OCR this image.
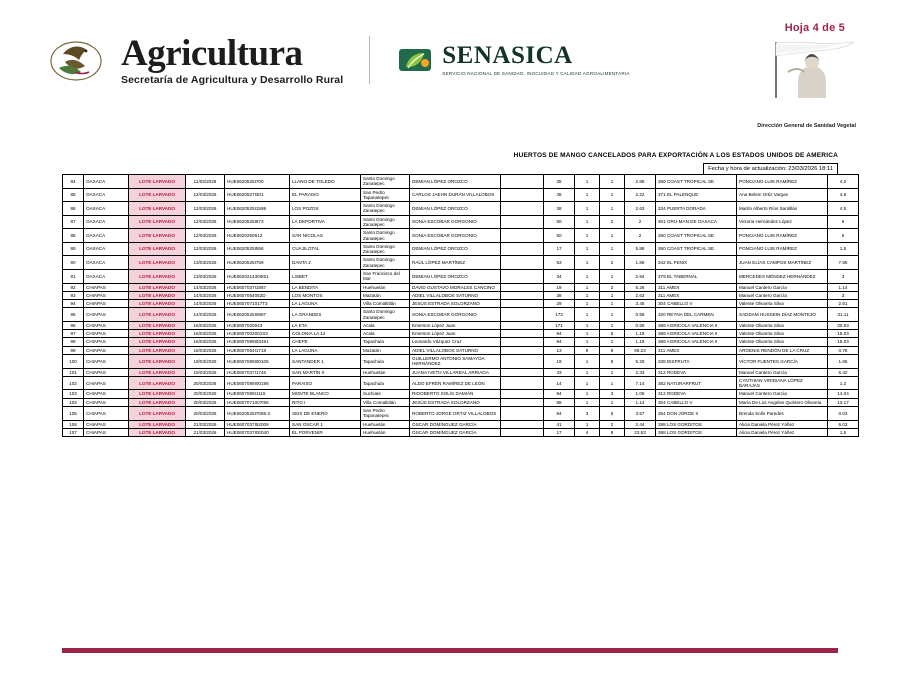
Hoja 4 de 5
Agricultura
Secretaría de Agricultura y Desarrollo Rural
SENASICA
SERVICIO NACIONAL DE SANIDAD, INOCUIDAD Y CALIDAD AGROALIMENTARIA
Dirección General de Sanidad Vegetal
HUERTOS DE MANGO CANCELADOS PARA EXPORTACIÓN A LOS ESTADOS UNIDOS DE AMERICA
Fecha y hora de actualización: 23/03/2026 18:11
84	OAXACA	LOTE LARVADO	11/03/2026	HUE0620525I700	LLANO DE TOLEDO	Santo Domingo Zanatepec	DEMIAN LÓPEZ OROZCO		35	1	1	2.86	360 COAST TROPICAL SE	PONCIANO LUIS RAMÍREZ	4.2
85	OAXACA	LOTE LARVADO	12/03/2026	HUE0620527I301	EL PARAISO	San Pedro Tapanatepec	CARLOS JAEHN DURÁN VILLALOBOS		45	1	1	2.22	371 EL PALENQUE	Ana Belem Ortiz Vargas	4.8
86	OAXACA	LOTE LARVADO	12/03/2026	HUE0620525I1599	LOS POZOS	Santo Domingo Zanatepec	DEMIAN LÓPEZ OROZCO		38	1	1	2.63	334 PUERTA DORADA	Martín Alberto Ríos Santillán	4.5
87	OAXACA	LOTE LARVADO	12/03/2026	HUE0620525I673	LA DEPORTIVA	Santo Domingo Zanatepec	SONIA ESCOBAR GORGONIO		50	1	2	2	301 GRU-MAN DE OAXACA	Victoria Hernández López	6
88	OAXACA	LOTE LARVADO	12/03/2026	HUE0620250612	SAN NICOLAS	Santo Domingo Zanatepec	SONIA ESCOBAR GORGONIO		50	1	1	2	360 COAST TROPICAL SE	PONCIANO LUIS RAMÍREZ	6
89	OAXACA	LOTE LARVADO	12/03/2026	HUE0620525I556	CUAJILOTAL	Santo Domingo Zanatepec	DEMIAN LÓPEZ OROZCO		17	1	1	5.88	360 COAST TROPICAL SE	PONCIANO LUIS RAMÍREZ	1.5
90	OAXACA	LOTE LARVADO	13/03/2026	HUE0620525I759	DANTA 2	Santo Domingo Zanatepec	RAÚL LÓPEZ MARTÍNEZ		53	1	2	1.89	342 EL FENIX	JUAN ELÍAS CAMPOS MARTÍNEZ	7.95
91	OAXACA	LOTE LARVADO	13/03/2026	HUE0620214300I61	LISBET	San Francisco del Mar	DEMIAN LÓPEZ OROZCO		34	1	1	2.94	379 EL TABERNAL	MERCEDES MÉNDEZ HERNÁNDEZ	3
92	CHIAPAS	LOTE LARVADO	14/03/2026	HUE0607037I1887	LA BENDITA	Huehuetán	DAVID GUSTAVO MORALES CANCINO		19	1	2	5.26	311 AMEX	Manuel Cantero García	1.14
93	CHIAPAS	LOTE LARVADO	14/03/2026	HUE0607054052D	LOS MONTOS	Mazatán	ADIEL VILLALOBOS SATURNO		38	1	1	2.63	311 AMEX	Manuel Cantero García	3
94	CHIAPAS	LOTE LARVADO	14/03/2026	HUE0607071017T3	LA LAGUNA	Villa Comaltitlán	JESÚS ESTRADA SOLORZANO		29	1	1	3.45	304 CABELLO V	Valente Olivarria Silva	2.61
95	CHIAPAS	LOTE LARVADO	14/03/2026	HUE0620525I0887	LA GRANDES	Santo Domingo Zanatepec	SONIA ESCOBAR GORGONIO		173	1	1	0.58	320 REYNA DEL CARMEN	SADDAM HUSSEIN DÍAZ MONTEJO	31.11
96	CHIAPAS	LOTE LARVADO	16/03/2026	HUE0607020043	LA ETA	Acala	Emerson López Juan		171	1	1	0.58	389 AGRICOLA VALENCIA II	Valente Olivarria Silva	30.63
97	CHIAPAS	LOTE LARVADO	16/03/2026	HUE0607002001S3	COLONIA LA 12	Acala	Emerson López Juan		84	1	5	1.19	389 AGRICOLA VALENCIA II	Valente Olivarria Silva	15.03
98	CHIAPAS	LOTE LARVADO	16/03/2026	HUE0607089I03491	CHEPE	Tapachula	Leonardo Vázquez Cruz		84	1	1	1.19	389 AGRICOLA VALENCIA II	Valente Olivarria Silva	15.03
99	CHIAPAS	LOTE LARVADO	18/03/2026	HUE0607054I1718	LA LAGUNA	Mazatán	ADIEL VILLALOBOS SATURNO		13	9	9	69.23	311 AMEX	ARGENIS RENDÓN DE LA CRUZ	0.78
100	CHIAPAS	LOTE LARVADO	19/03/2026	HUE0607089I00106	SANTANDER 1	Tapachula	GUILLERMO ANTONIO SAMAYOA HERNÁNDEZ		19	1	5	5.26	338 DISFRUTA	VÍCTOR FUENTES GARCÍA	1.65
101	CHIAPAS	LOTE LARVADO	19/03/2026	HUE0607037I1746	SAN MARTÍN II	Huehuetán	JUANA IVETH VILLAREAL ARRIAGA		43	1	1	2.33	312 RODEVA	Manuel Cantero García	6.42
102	CHIAPAS	LOTE LARVADO	20/03/2026	HUE0607089I00198	PARAISO	Tapachula	ALDO EFRÉN RAMÍREZ DE LEÓN		14	1	1	7.14	382 NATURARFRUT	CYNTHIAN VIRIDIANA LÓPEZ BARAJAS	1.2
103	CHIAPAS	LOTE LARVADO	20/03/2026	HUE0607089I1115	MONTE BLANCO	Suchiate	RIGOBERTO SOLÍS DAMIÁN		94	1	3	1.06	312 RODEVA	Manuel Cantero García	14.04
104	CHIAPAS	LOTE LARVADO	20/03/2026	HUE0607071007I96	RITO I	Villa Comaltitlán	JESÚS ESTRADA SOLORZANO		88	1	1	1.14	304 CABELLO V	María De Los Angeles Quintero Olivarria	13.17
105	CHIAPAS	LOTE LARVADO	20/03/2026	HUE0620525I7085:3	SEIS DE ENERO	San Pedro Tapanatepec	ROBERTO JORGE ORTIZ VILLALOBOS		84	3	5	3.57	354 DON JORGE II	Brenda Solís Paredes	0.03
106	CHIAPAS	LOTE LARVADO	21/03/2026	HUE0607037I52009	SAN OSCAR 1	Huehuetán	ÓSCAR DOMÍNGUEZ GARCÍA		41	1	2	2.44	388 LOS GORDITOS	Alicia Daniela Pérez Yáñez	6.03
107	CHIAPAS	LOTE LARVADO	21/03/2026	HUE0607037I00040	EL PORVENIR	Huehuetán	ÓSCAR DOMÍNGUEZ GARCÍA		17	4	8	23.53	388 LOS GORDITOS	Alicia Daniela Pérez Yáñez	1.5
